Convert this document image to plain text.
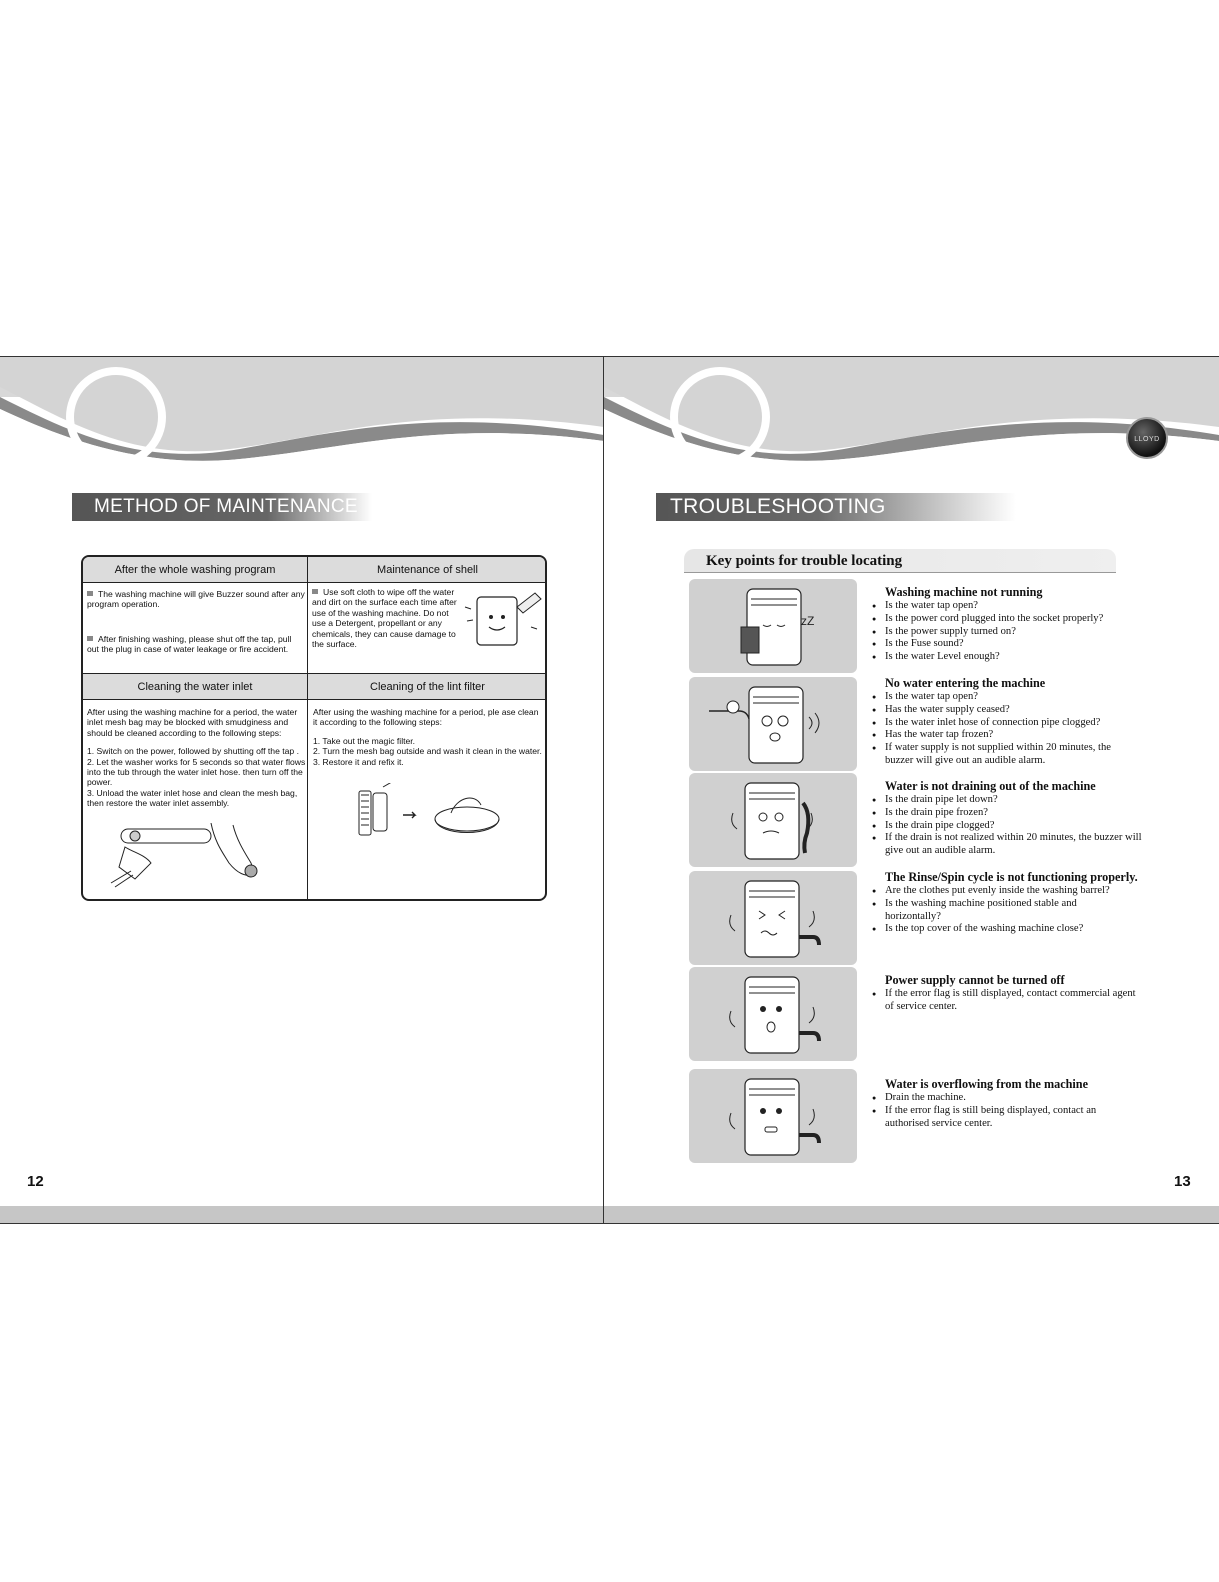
METHOD OF MAINTENANCE
After the whole washing program	Maintenance of shell

The washing machine will give Buzzer sound after any program operation.

After finishing washing, please shut off the tap, pull out the plug in case of water leakage or fire accident.

Use soft cloth to wipe off the water and dirt on the surface each time after use of the washing machine. Do not use a Detergent, propellant or any chemicals, they can cause damage to the surface.

Cleaning the water inlet	Cleaning of the lint filter

After using the washing machine for a period, the water inlet mesh bag may be blocked with smudginess and should be cleaned according to the following steps:

1. Switch on the power, followed by shutting off the tap .

2. Let the washer works for 5 seconds so that water flows into the tub through the water inlet hose. then turn off the power.

3. Unload the water inlet hose and clean the mesh bag, then restore the water inlet assembly.

After using the washing machine for a period, ple ase clean it according to the following steps:

1. Take out the magic filter.

2. Turn the mesh bag outside and wash it clean in the water.

3. Restore it and refix it.

12
LLOYD
TROUBLESHOOTING
Key points for trouble locating
zZ
Washing machine not running
● Is the water tap open?
● Is the power cord plugged into the socket properly?
● Is the power supply turned on?
● Is the Fuse sound?
● Is the water Level enough?
No water entering the machine
● Is the water tap open?
● Has the water supply ceased?
● Is the water inlet hose of connection pipe clogged?
● Has the water tap frozen?
● If water supply is not supplied within 20 minutes, the buzzer will give out an audible alarm.
Water is not draining out of the machine
● Is the drain pipe let down?
● Is the drain pipe frozen?
● Is the drain pipe clogged?
● If the drain is not realized within 20 minutes, the buzzer will give out an audible alarm.
The Rinse/Spin cycle is not functioning properly.
● Are the clothes put evenly inside the washing barrel?
● Is the washing machine positioned stable and horizontally?
● Is the top cover of the washing machine close?
Power supply cannot be turned off
● If the error flag is still displayed, contact commercial agent of service center.
Water is overflowing from the machine
● Drain the machine.
● If the error flag is still being displayed, contact an authorised service center.
13
